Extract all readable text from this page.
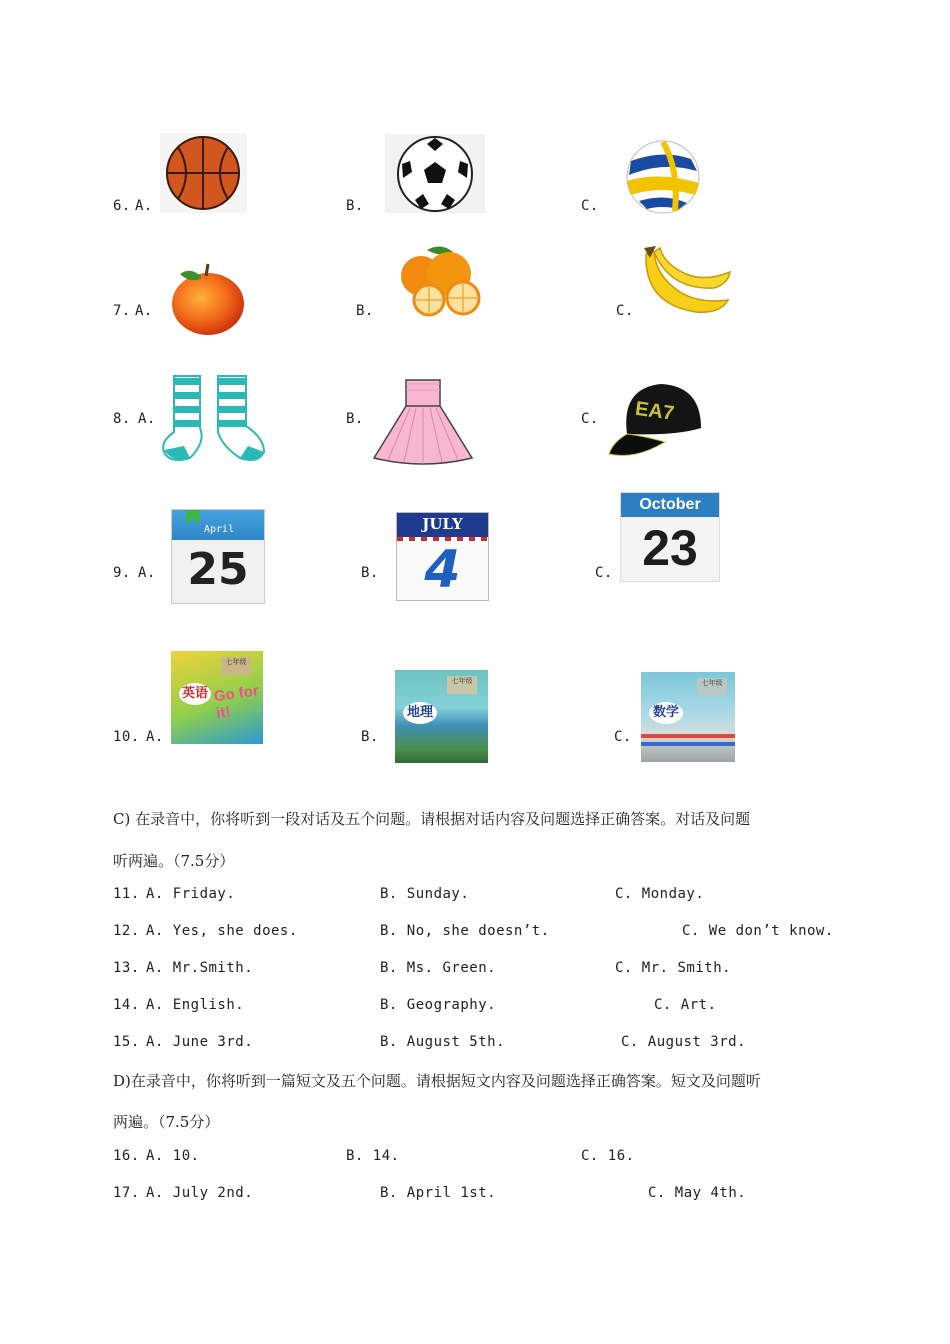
6. A.	B.	C.
7. A.	B.	C.
8. A.	B.	C. EA7
9. A.
April
25	B.
JULY
4	C.
October
23
10. A.
七年级
英语 Go for it!
B.
七年级
地理
C.
七年级
数学
C) 在录音中，你将听到一段对话及五个问题。请根据对话内容及问题选择正确答案。对话及问题
听两遍。（7.5分）
11. A. Friday.	B. Sunday.	C. Monday.
12. A. Yes, she does.	B. No, she doesn’t.	C. We don’t know.
13. A. Mr.Smith.	B. Ms. Green.	C. Mr. Smith.
14. A. English.	B. Geography.	C. Art.
15. A. June 3rd.	B. August 5th.	C. August 3rd.
D)在录音中，你将听到一篇短文及五个问题。请根据短文内容及问题选择正确答案。短文及问题听
两遍。（7.5分）
16. A. 10.	B. 14.	C. 16.
17. A. July 2nd.	B. April 1st.	C. May 4th.
